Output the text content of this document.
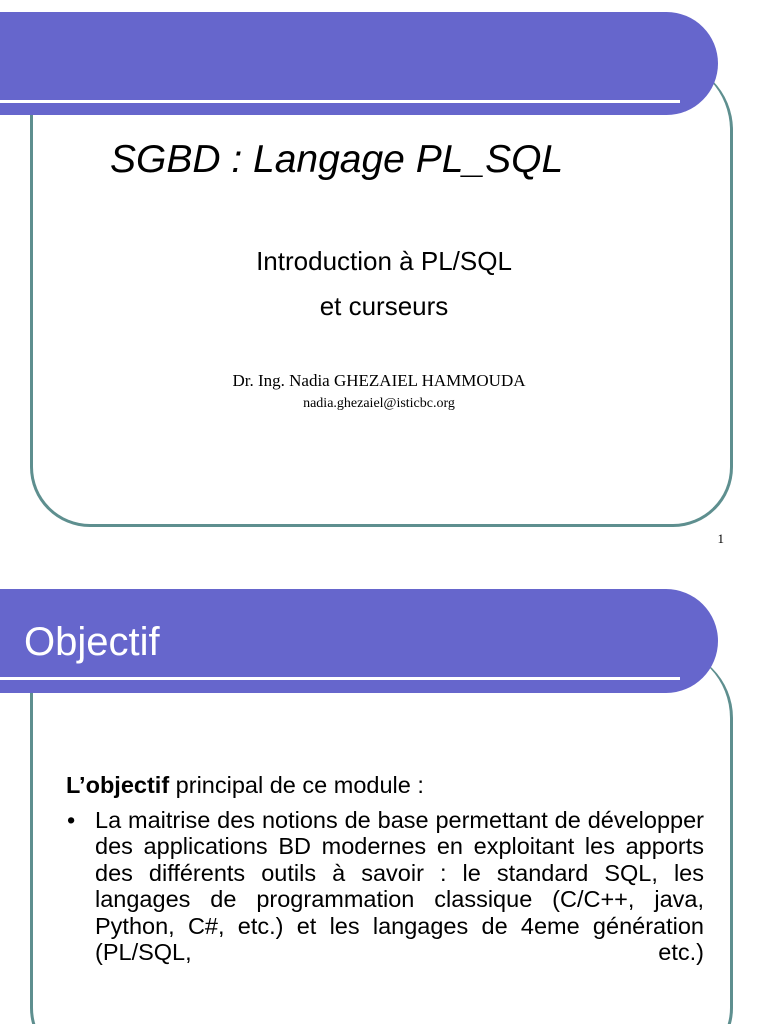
SGBD : Langage PL_SQL
Introduction à PL/SQL
et curseurs
Dr. Ing. Nadia GHEZAIEL HAMMOUDA
nadia.ghezaiel@isticbc.org
1
Objectif

L’objectif principal de ce module :

• La maitrise des notions de base permettant de développer des applications BD modernes en exploitant les apports des différents outils à savoir : le standard SQL, les langages de programmation classique (C/C++, java, Python, C#, etc.) et les langages de 4eme génération (PL/SQL, etc.)
